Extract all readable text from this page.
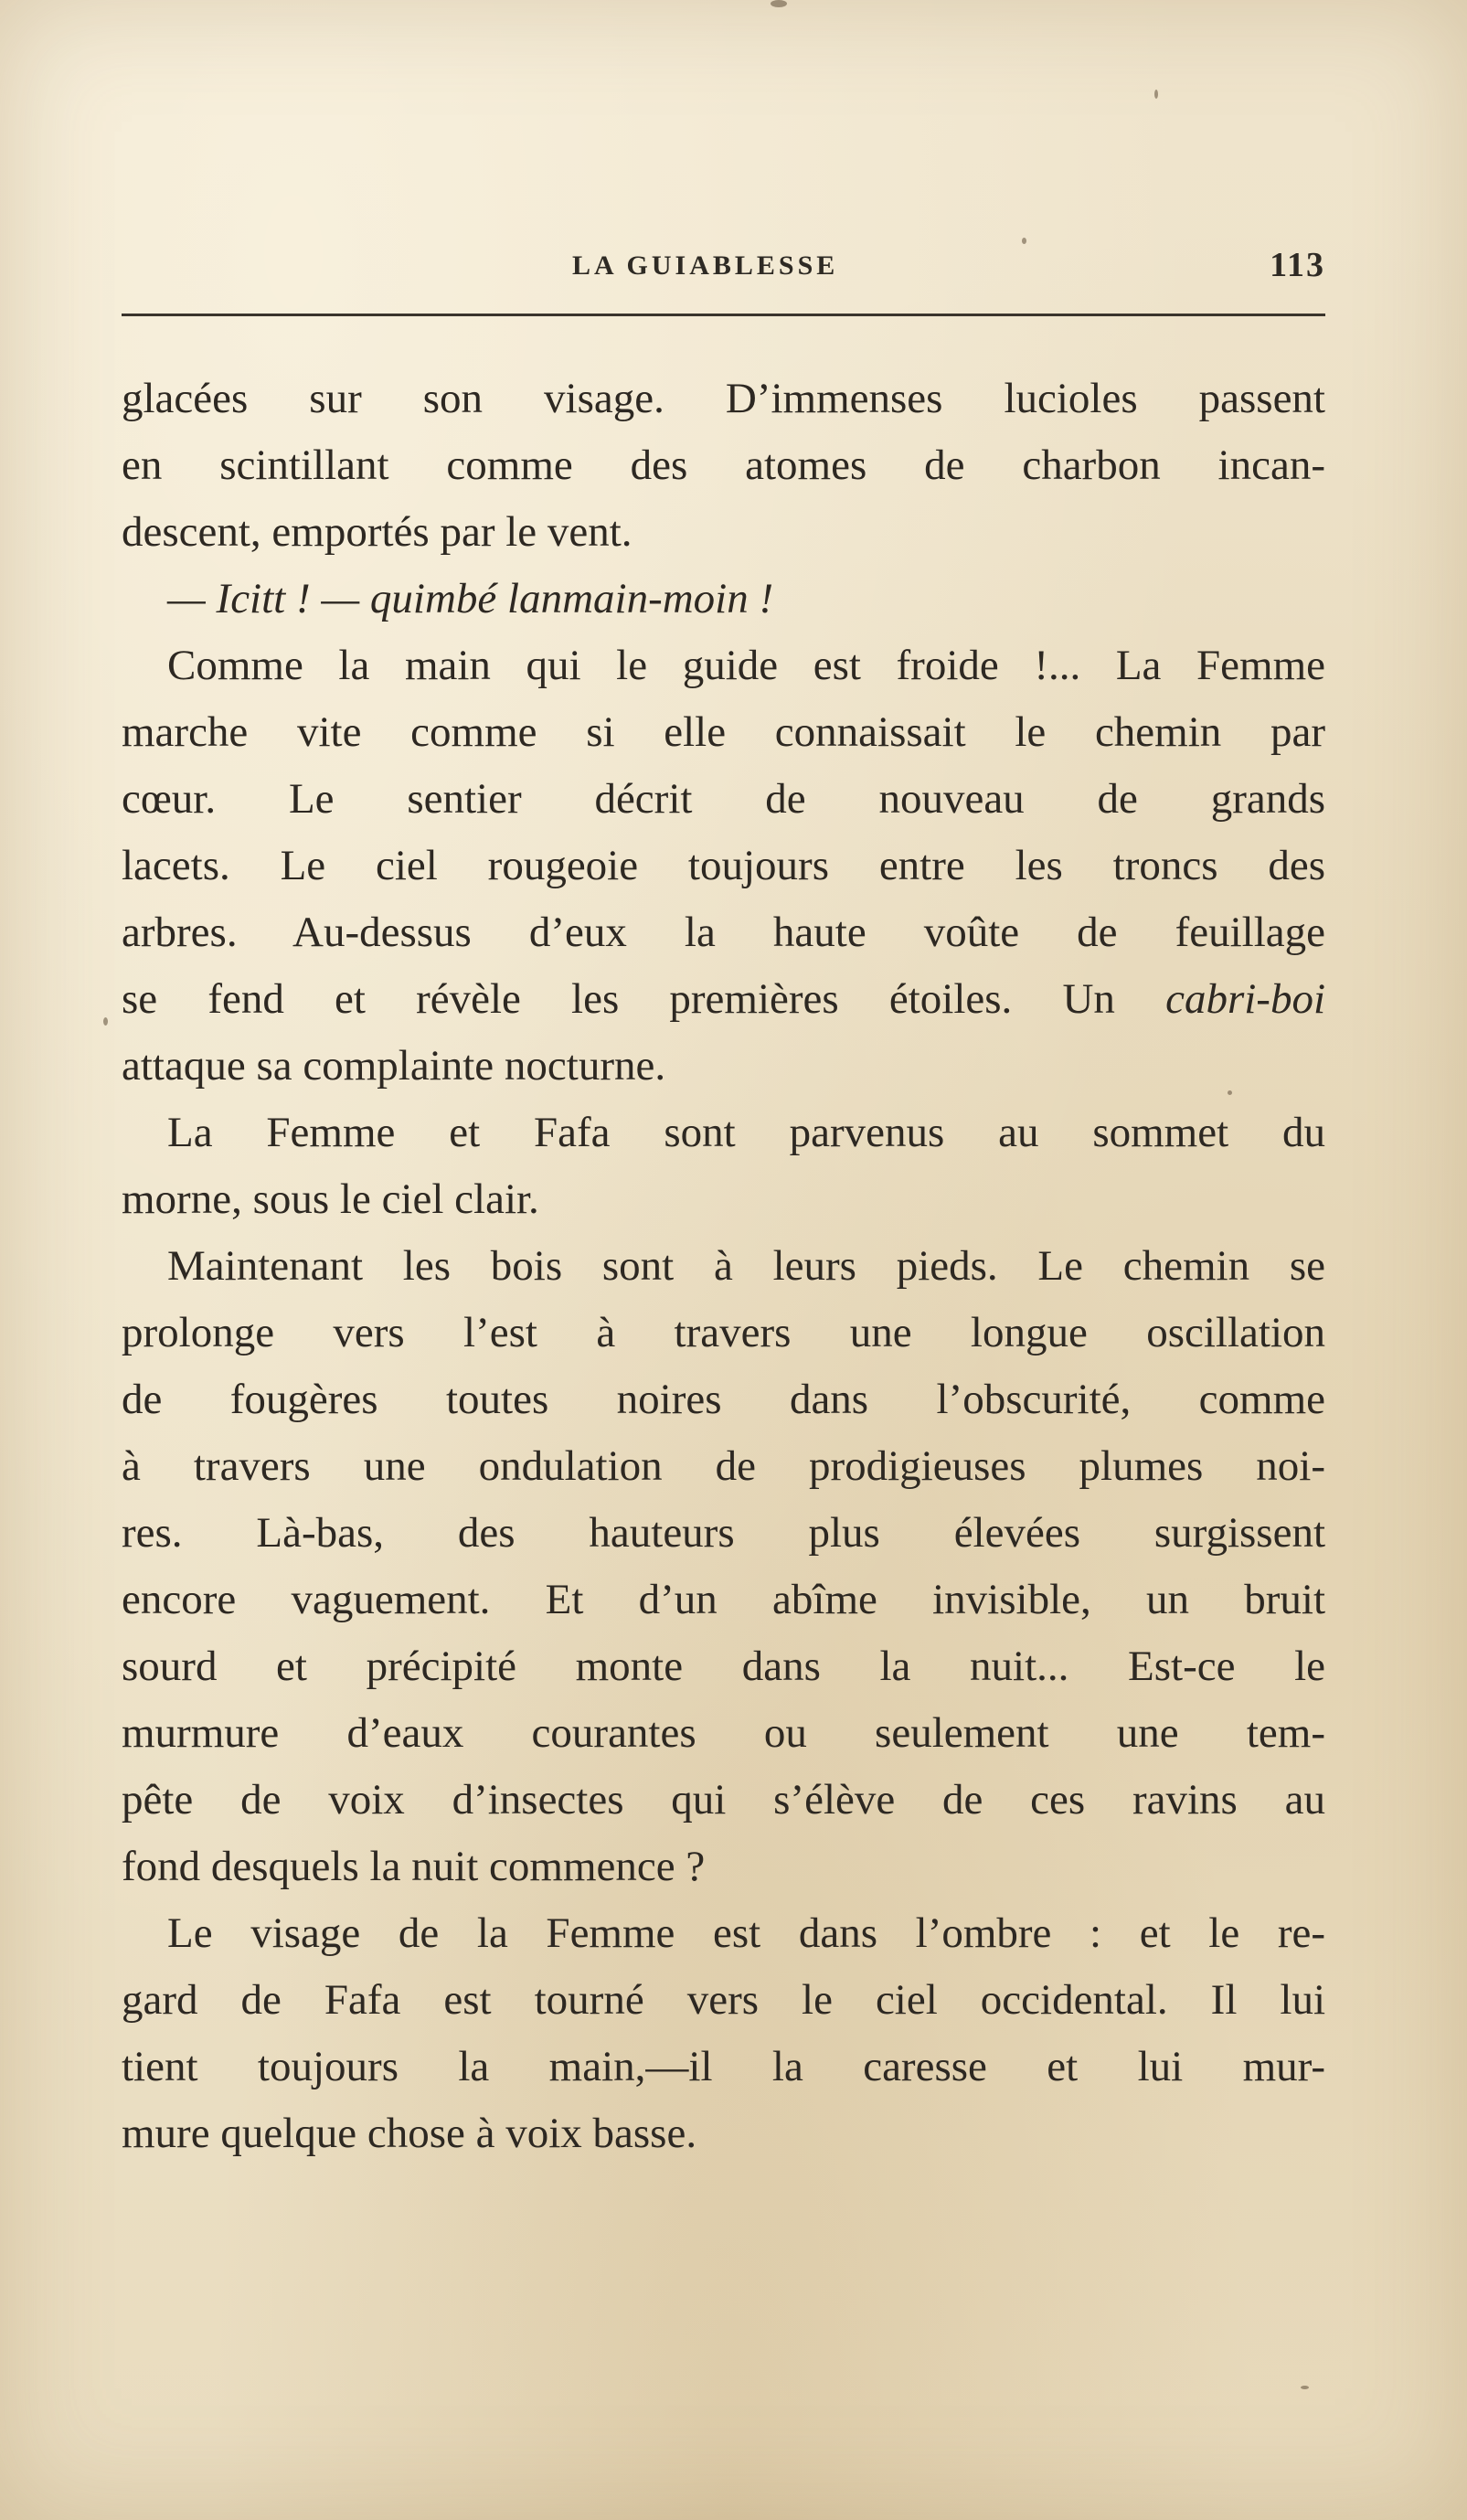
LA GUIABLESSE	113
glacées sur son visage. D’immenses lucioles passent
en scintillant comme des atomes de charbon incan-
descent, emportés par le vent.
— Icitt ! — quimbé lanmain-moin !
Comme la main qui le guide est froide !... La Femme
marche vite comme si elle connaissait le chemin par
cœur. Le sentier décrit de nouveau de grands
lacets. Le ciel rougeoie toujours entre les troncs des
arbres. Au-dessus d’eux la haute voûte de feuillage
se fend et révèle les premières étoiles. Un cabri-boi
attaque sa complainte nocturne.
La Femme et Fafa sont parvenus au sommet du
morne, sous le ciel clair.
Maintenant les bois sont à leurs pieds. Le chemin se
prolonge vers l’est à travers une longue oscillation
de fougères toutes noires dans l’obscurité, comme
à travers une ondulation de prodigieuses plumes noi-
res. Là-bas, des hauteurs plus élevées surgissent
encore vaguement. Et d’un abîme invisible, un bruit
sourd et précipité monte dans la nuit... Est-ce le
murmure d’eaux courantes ou seulement une tem-
pête de voix d’insectes qui s’élève de ces ravins au
fond desquels la nuit commence ?
Le visage de la Femme est dans l’ombre : et le re-
gard de Fafa est tourné vers le ciel occidental. Il lui
tient toujours la main,—il la caresse et lui mur-
mure quelque chose à voix basse.
